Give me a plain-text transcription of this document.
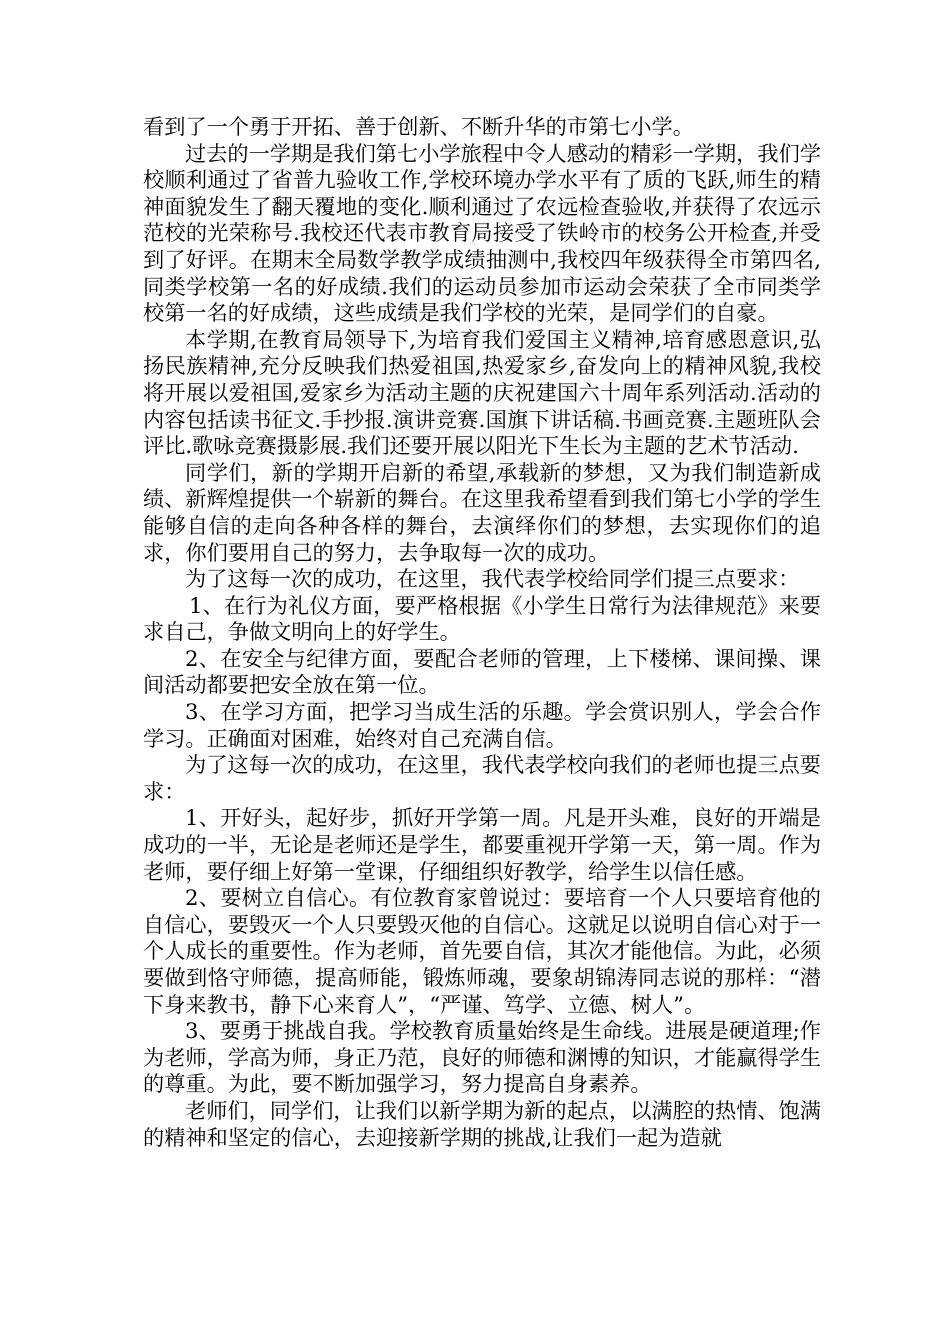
看到了一个勇于开拓、善于创新、不断升华的市第七小学。

过去的一学期是我们第七小学旅程中令人感动的精彩一学期，我们学校顺利通过了省普九验收工作,学校环境办学水平有了质的飞跃,师生的精神面貌发生了翻天覆地的变化.顺利通过了农远检查验收,并获得了农远示范校的光荣称号.我校还代表市教育局接受了铁岭市的校务公开检查,并受到了好评。在期末全局数学教学成绩抽测中,我校四年级获得全市第四名,同类学校第一名的好成绩.我们的运动员参加市运动会荣获了全市同类学校第一名的好成绩，这些成绩是我们学校的光荣，是同学们的自豪。

本学期,在教育局领导下,为培育我们爱国主义精神,培育感恩意识,弘扬民族精神,充分反映我们热爱祖国,热爱家乡,奋发向上的精神风貌,我校将开展以爱祖国,爱家乡为活动主题的庆祝建国六十周年系列活动.活动的内容包括读书征文.手抄报.演讲竞赛.国旗下讲话稿.书画竞赛.主题班队会评比.歌咏竞赛摄影展.我们还要开展以阳光下生长为主题的艺术节活动.

同学们，新的学期开启新的希望,承载新的梦想，又为我们制造新成绩、新辉煌提供一个崭新的舞台。在这里我希望看到我们第七小学的学生能够自信的走向各种各样的舞台，去演绎你们的梦想，去实现你们的追求，你们要用自己的努力，去争取每一次的成功。

为了这每一次的成功，在这里，我代表学校给同学们提三点要求：

1、在行为礼仪方面，要严格根据《小学生日常行为法律规范》来要求自己，争做文明向上的好学生。

2、在安全与纪律方面，要配合老师的管理，上下楼梯、课间操、课间活动都要把安全放在第一位。

3、在学习方面，把学习当成生活的乐趣。学会赏识别人，学会合作学习。正确面对困难，始终对自己充满自信。

为了这每一次的成功，在这里，我代表学校向我们的老师也提三点要求：

1、开好头，起好步，抓好开学第一周。凡是开头难，良好的开端是成功的一半，无论是老师还是学生，都要重视开学第一天，第一周。作为老师，要仔细上好第一堂课，仔细组织好教学，给学生以信任感。

2、要树立自信心。有位教育家曾说过：要培育一个人只要培育他的自信心，要毁灭一个人只要毁灭他的自信心。这就足以说明自信心对于一个人成长的重要性。作为老师，首先要自信，其次才能他信。为此，必须要做到恪守师德，提高师能，锻炼师魂，要象胡锦涛同志说的那样：“潜下身来教书，静下心来育人”，“严谨、笃学、立德、树人”。

3、要勇于挑战自我。学校教育质量始终是生命线。进展是硬道理;作为老师，学高为师，身正乃范，良好的师德和渊博的知识，才能赢得学生的尊重。为此，要不断加强学习，努力提高自身素养。

老师们，同学们，让我们以新学期为新的起点，以满腔的热情、饱满的精神和坚定的信心，去迎接新学期的挑战,让我们一起为造就
